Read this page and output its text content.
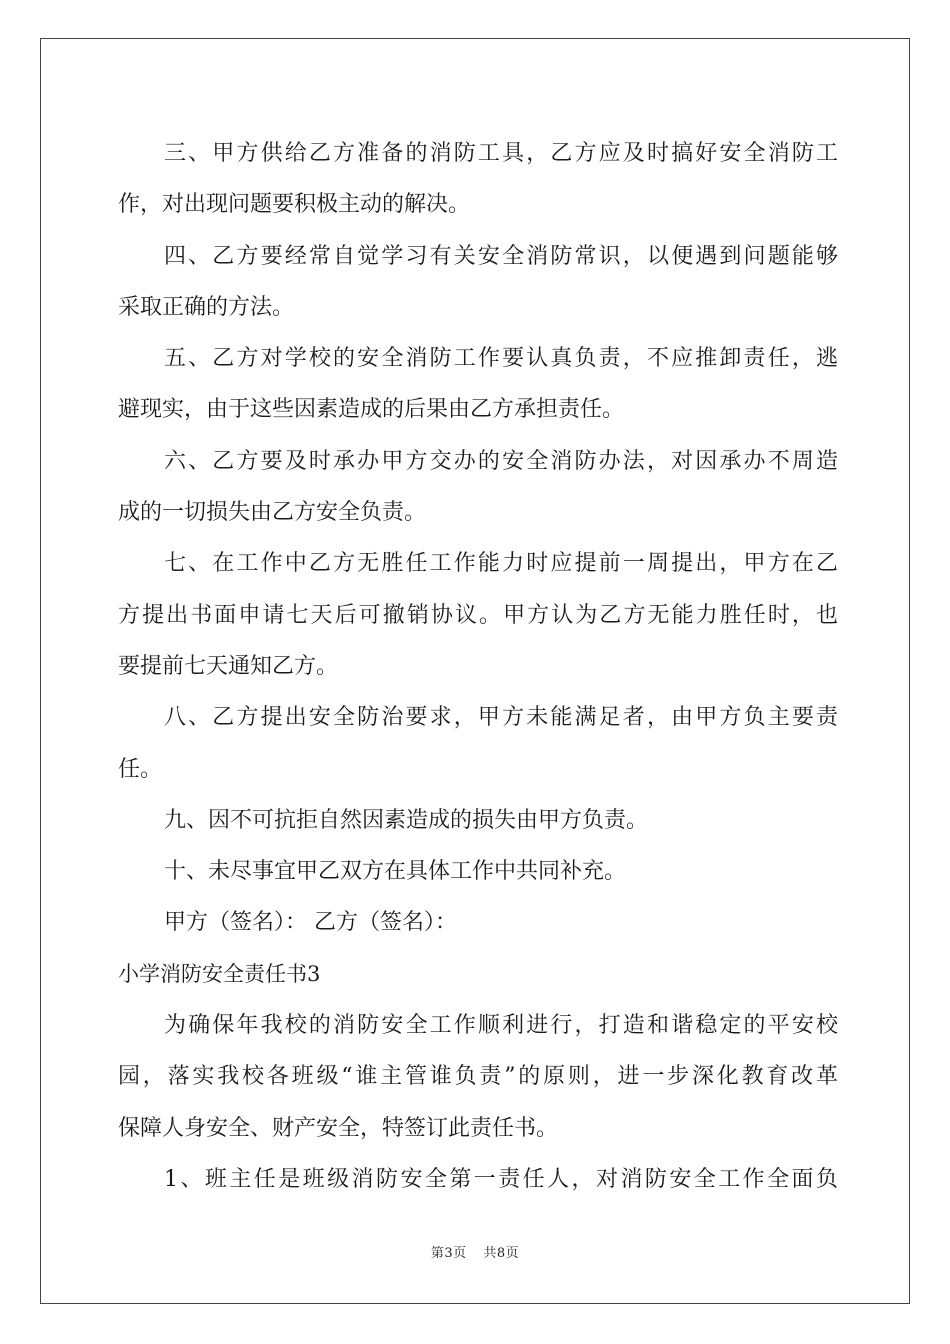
三、甲方供给乙方准备的消防工具，乙方应及时搞好安全消防工
作，对出现问题要积极主动的解决。
四、乙方要经常自觉学习有关安全消防常识，以便遇到问题能够
采取正确的方法。
五、乙方对学校的安全消防工作要认真负责，不应推卸责任，逃
避现实，由于这些因素造成的后果由乙方承担责任。
六、乙方要及时承办甲方交办的安全消防办法，对因承办不周造
成的一切损失由乙方安全负责。
七、在工作中乙方无胜任工作能力时应提前一周提出，甲方在乙
方提出书面申请七天后可撤销协议。甲方认为乙方无能力胜任时，也
要提前七天通知乙方。
八、乙方提出安全防治要求，甲方未能满足者，由甲方负主要责
任。
九、因不可抗拒自然因素造成的损失由甲方负责。
十、未尽事宜甲乙双方在具体工作中共同补充。
甲方（签名）： 乙方（签名）：
小学消防安全责任书3
为确保年我校的消防安全工作顺利进行，打造和谐稳定的平安校
园，落实我校各班级“谁主管谁负责”的原则，进一步深化教育改革
保障人身安全、财产安全，特签订此责任书。
1、班主任是班级消防安全第一责任人，对消防安全工作全面负
第3页 共8页
